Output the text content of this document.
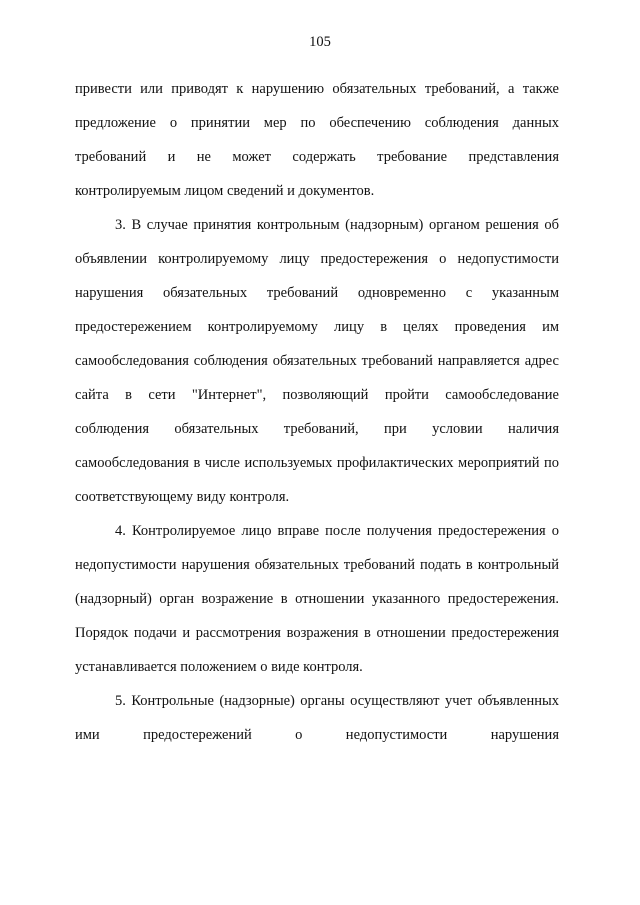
105

привести или приводят к нарушению обязательных требований, а также предложение о принятии мер по обеспечению соблюдения данных требований и не может содержать требование представления контролируемым лицом сведений и документов.

3. В случае принятия контрольным (надзорным) органом решения об объявлении контролируемому лицу предостережения о недопустимости нарушения обязательных требований одновременно с указанным предостережением контролируемому лицу в целях проведения им самообследования соблюдения обязательных требований направляется адрес сайта в сети "Интернет", позволяющий пройти самообследование соблюдения обязательных требований, при условии наличия самообследования в числе используемых профилактических мероприятий по соответствующему виду контроля.

4. Контролируемое лицо вправе после получения предостережения о недопустимости нарушения обязательных требований подать в контрольный (надзорный) орган возражение в отношении указанного предостережения. Порядок подачи и рассмотрения возражения в отношении предостережения устанавливается положением о виде контроля.

5. Контрольные (надзорные) органы осуществляют учет объявленных ими предостережений о недопустимости нарушения
